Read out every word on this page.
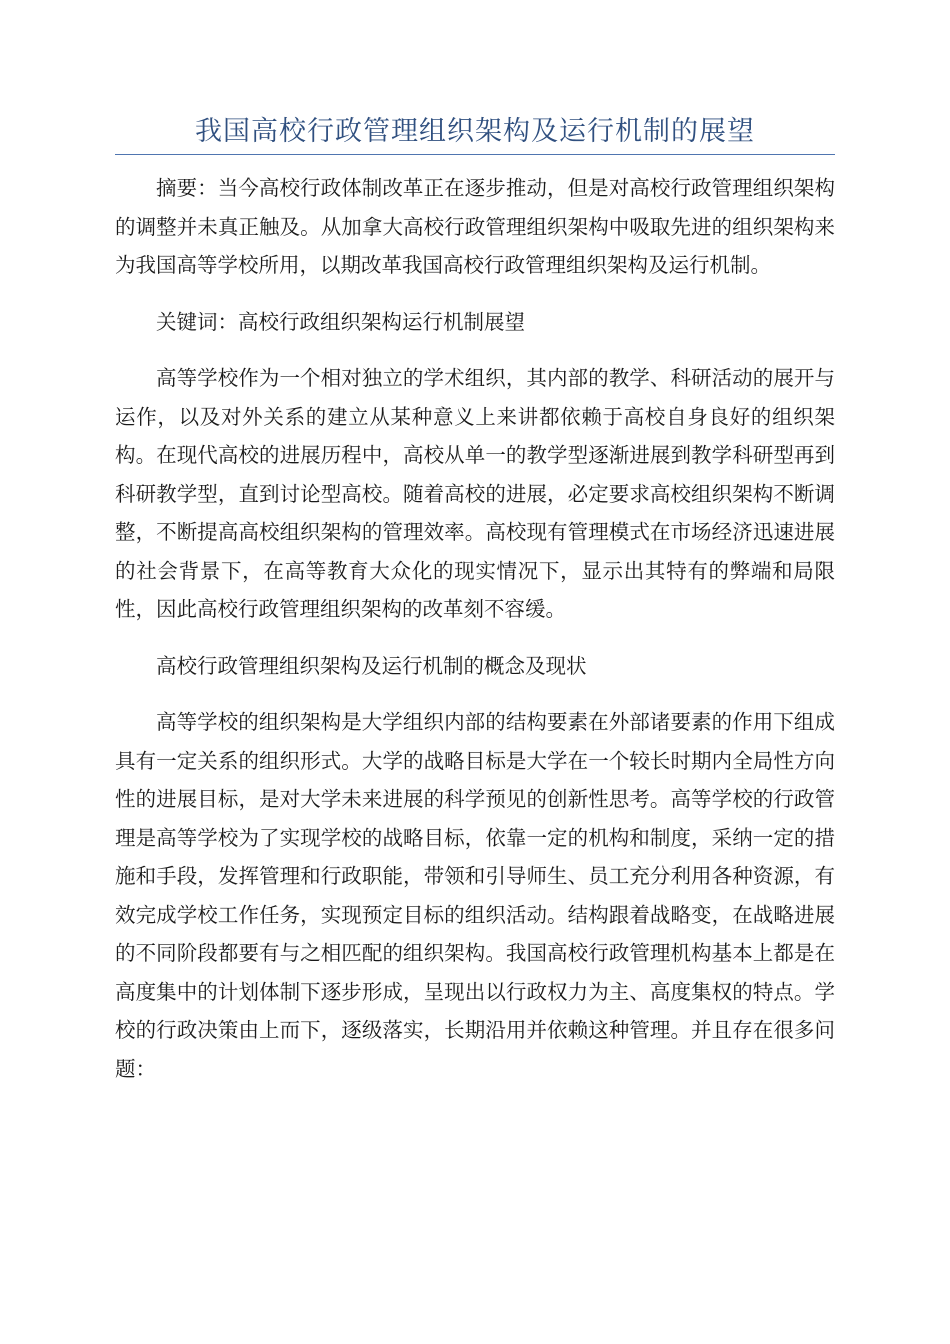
我国高校行政管理组织架构及运行机制的展望

摘要：当今高校行政体制改革正在逐步推动，但是对高校行政管理组织架构的调整并未真正触及。从加拿大高校行政管理组织架构中吸取先进的组织架构来为我国高等学校所用，以期改革我国高校行政管理组织架构及运行机制。

关键词：高校行政组织架构运行机制展望

高等学校作为一个相对独立的学术组织，其内部的教学、科研活动的展开与运作，以及对外关系的建立从某种意义上来讲都依赖于高校自身良好的组织架构。在现代高校的进展历程中，高校从单一的教学型逐渐进展到教学科研型再到科研教学型，直到讨论型高校。随着高校的进展，必定要求高校组织架构不断调整，不断提高高校组织架构的管理效率。高校现有管理模式在市场经济迅速进展的社会背景下，在高等教育大众化的现实情况下，显示出其特有的弊端和局限性，因此高校行政管理组织架构的改革刻不容缓。

高校行政管理组织架构及运行机制的概念及现状

高等学校的组织架构是大学组织内部的结构要素在外部诸要素的作用下组成具有一定关系的组织形式。大学的战略目标是大学在一个较长时期内全局性方向性的进展目标，是对大学未来进展的科学预见的创新性思考。高等学校的行政管理是高等学校为了实现学校的战略目标，依靠一定的机构和制度，采纳一定的措施和手段，发挥管理和行政职能，带领和引导师生、员工充分利用各种资源，有效完成学校工作任务，实现预定目标的组织活动。结构跟着战略变，在战略进展的不同阶段都要有与之相匹配的组织架构。我国高校行政管理机构基本上都是在高度集中的计划体制下逐步形成，呈现出以行政权力为主、高度集权的特点。学校的行政决策由上而下，逐级落实，长期沿用并依赖这种管理。并且存在很多问题：
